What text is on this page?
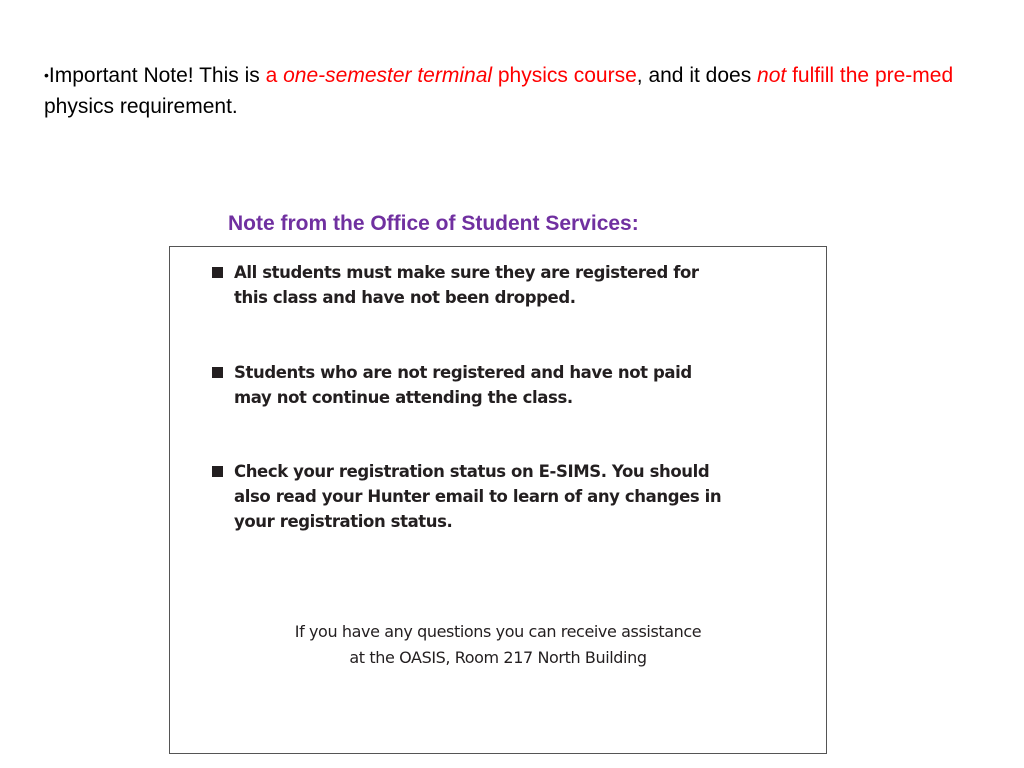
•Important Note! This is a one-semester terminal physics course, and it does not fulfill the pre-med physics requirement.
Note from the Office of Student Services:
All students must make sure they are registered for
this class and have not been dropped.
Students who are not registered and have not paid
may not continue attending the class.
Check your registration status on E-SIMS. You should
also read your Hunter email to learn of any changes in
your registration status.
If you have any questions you can receive assistance
at the OASIS, Room 217 North Building
